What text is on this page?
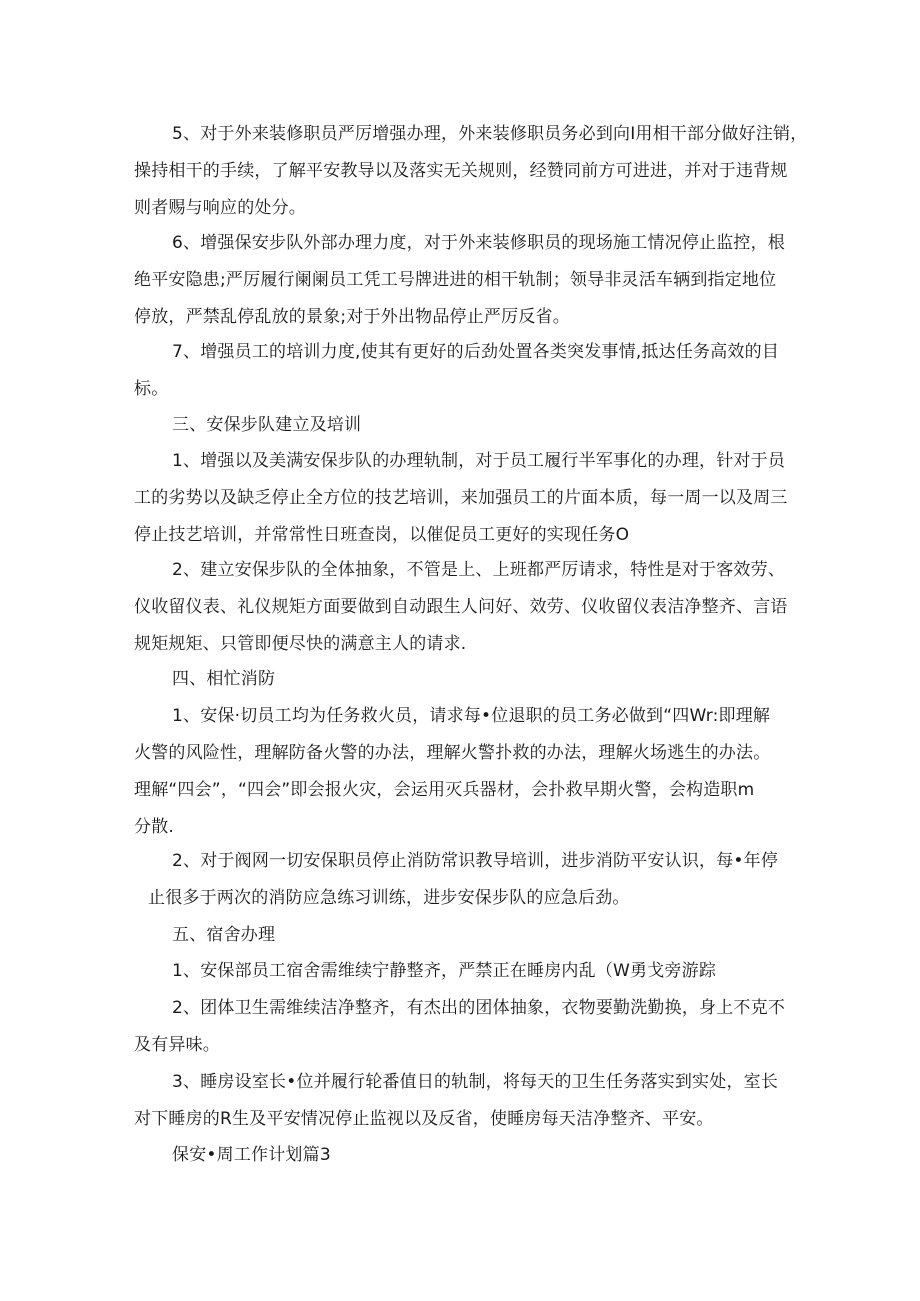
5、对于外来装修职员严厉增强办理，外来装修职员务必到向I用相干部分做好注销，
操持相干的手续，了解平安教导以及落实无关规则，经赞同前方可进进，并对于违背规
则者赐与响应的处分。
6、增强保安步队外部办理力度，对于外来装修职员的现场施工情况停止监控，根
绝平安隐患;严厉履行阑阑员工凭工号牌进进的相干轨制；领导非灵活车辆到指定地位
停放，严禁乱停乱放的景象;对于外出物品停止严厉反省。
7、增强员工的培训力度,使其有更好的后劲处置各类突发事情,抵达任务高效的目
标。
三、安保步队建立及培训
1、增强以及美满安保步队的办理轨制，对于员工履行半军事化的办理，针对于员
工的劣势以及缺乏停止全方位的技艺培训，来加强员工的片面本质，每一周一以及周三
停止技艺培训，并常常性日班查岗，以催促员工更好的实现任务O
2、建立安保步队的全体抽象，不管是上、上班都严厉请求，特性是对于客效劳、
仪收留仪表、礼仪规矩方面要做到自动跟生人问好、效劳、仪收留仪表洁净整齐、言语
规矩规矩、只管即便尽快的满意主人的请求.
四、相忙消防
1、安保·切员工均为任务救火员，请求每•位退职的员工务必做到“四Wr:即理解
火警的风险性，理解防备火警的办法，理解火警扑救的办法，理解火场逃生的办法。
理解“四会”，“四会”即会报火灾，会运用灭兵器材，会扑救早期火警，会构造职m
分散.
2、对于阀网一切安保职员停止消防常识教导培训，进步消防平安认识，每•年停
止很多于两次的消防应急练习训练，进步安保步队的应急后劲。
五、宿舍办理
1、安保部员工宿舍需维续宁静整齐，严禁正在睡房内乱（W勇戈旁游踪
2、团体卫生需维续洁净整齐，有杰出的团体抽象，衣物要勤洗勤换，身上不克不
及有异味。
3、睡房设室长•位并履行轮番值日的轨制，将每天的卫生任务落实到实处，室长
对下睡房的R生及平安情况停止监视以及反省，使睡房每天洁净整齐、平安。
保安•周工作计划篇3
